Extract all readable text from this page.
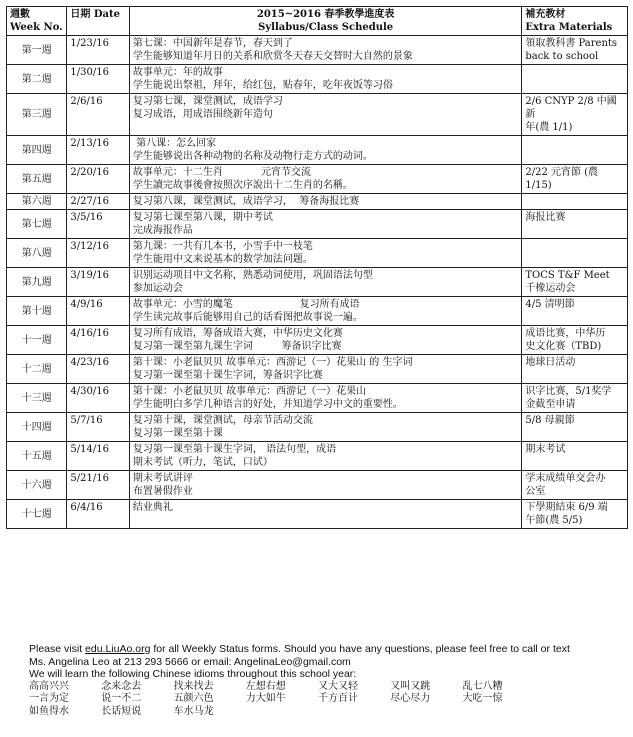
週數
Week No.	日期 Date	2015~2016 春季教學進度表
Syllabus/Class Schedule	補充教材
Extra Materials

第一週	1/23/16	第七课：中国新年是春节，春天到了
学生能够知道年月日的关系和欣赏冬天春天交替时大自然的景象	領取教科書 Parents
back to school

第二週	1/30/16	故事单元：年的故事
学生能说出祭祖，拜年，给红包，贴春年，吃年夜饭等习俗	

第三週	2/6/16	复习第七课，课堂测试，成语学习
复习成语，用成语围绕新年造句	2/6 CNYP 2/8 中國新
年(農 1/1)

第四週	2/13/16	第八课：怎么回家
学生能够说出各种动物的名称及动物行走方式的动词。	

第五週	2/20/16	故事单元：十二生肖            元宵节交流
学生讀完故事後會按照次序說出十二生肖的名稱。	2/22 元宵節 (農 1/15)

第六週	2/27/16	复习第八课，课堂测试，成语学习，  筹备海报比赛	

第七週	3/5/16	复习第七课至第八课，期中考试
完成海报作品	海报比赛

第八週	3/12/16	第九课：一共有几本书，小雪手中一枝笔
学生能用中文来说基本的数学加法问题。	

第九週	3/19/16	识别运动项目中文名称，熟悉动词使用，巩固语法句型
参加运动会	TOCS T&F Meet
千橡运动会

第十週	4/9/16	故事单元：小雪的魔笔                     复习所有成语
学生读完故事后能够用自己的话看图把故事说一遍。	4/5 清明節

十一週	4/16/16	复习所有成语，筹备成语大赛，中华历史文化赛
复习第一课至第九课生字词         筹备识字比赛	成语比赛，中华历
史文化赛（TBD)

十二週	4/23/16	第十课：小老鼠贝贝 故事单元：西游记（一）花果山 的 生字词
复习第一课至第十课生字词，筹备识字比赛	地球日活动

十三週	4/30/16	第十课：小老鼠贝贝 故事单元：西游记（一）花果山
学生能明白多学几种语言的好处，并知道学习中文的重要性。	识字比赛，5/1奖学
金截至申请

十四週	5/7/16	复习第十课，课堂测试，母亲节活动交流
复习第一课至第十课	5/8 母親節

十五週	5/14/16	复习第一课至第十课生字词， 语法句型，成语
期末考试（听力，笔试，口试）	期末考试

十六週	5/21/16	期末考试讲评
布置暑假作业	学末成绩单交会办
公室

十七週	6/4/16	结业典礼	下學期結束 6/9 端
午節(農 5/5)
Please visit edu.LiuAo.org for all Weekly Status forms. Should you have any questions, please feel free to call or text
Ms. Angelina Leo at 213 293 5666 or email: AngelinaLeo@gmail.com
We will learn the following Chinese idioms throughout this school year:
高高兴兴	念来念去	找来找去	左想右想	又大又轻	又叫又跳	乱七八糟
一言为定	说一不二	五颜六色	力大如牛	千方百计	尽心尽力	大吃一惊
如鱼得水	长话短说	车水马龙
